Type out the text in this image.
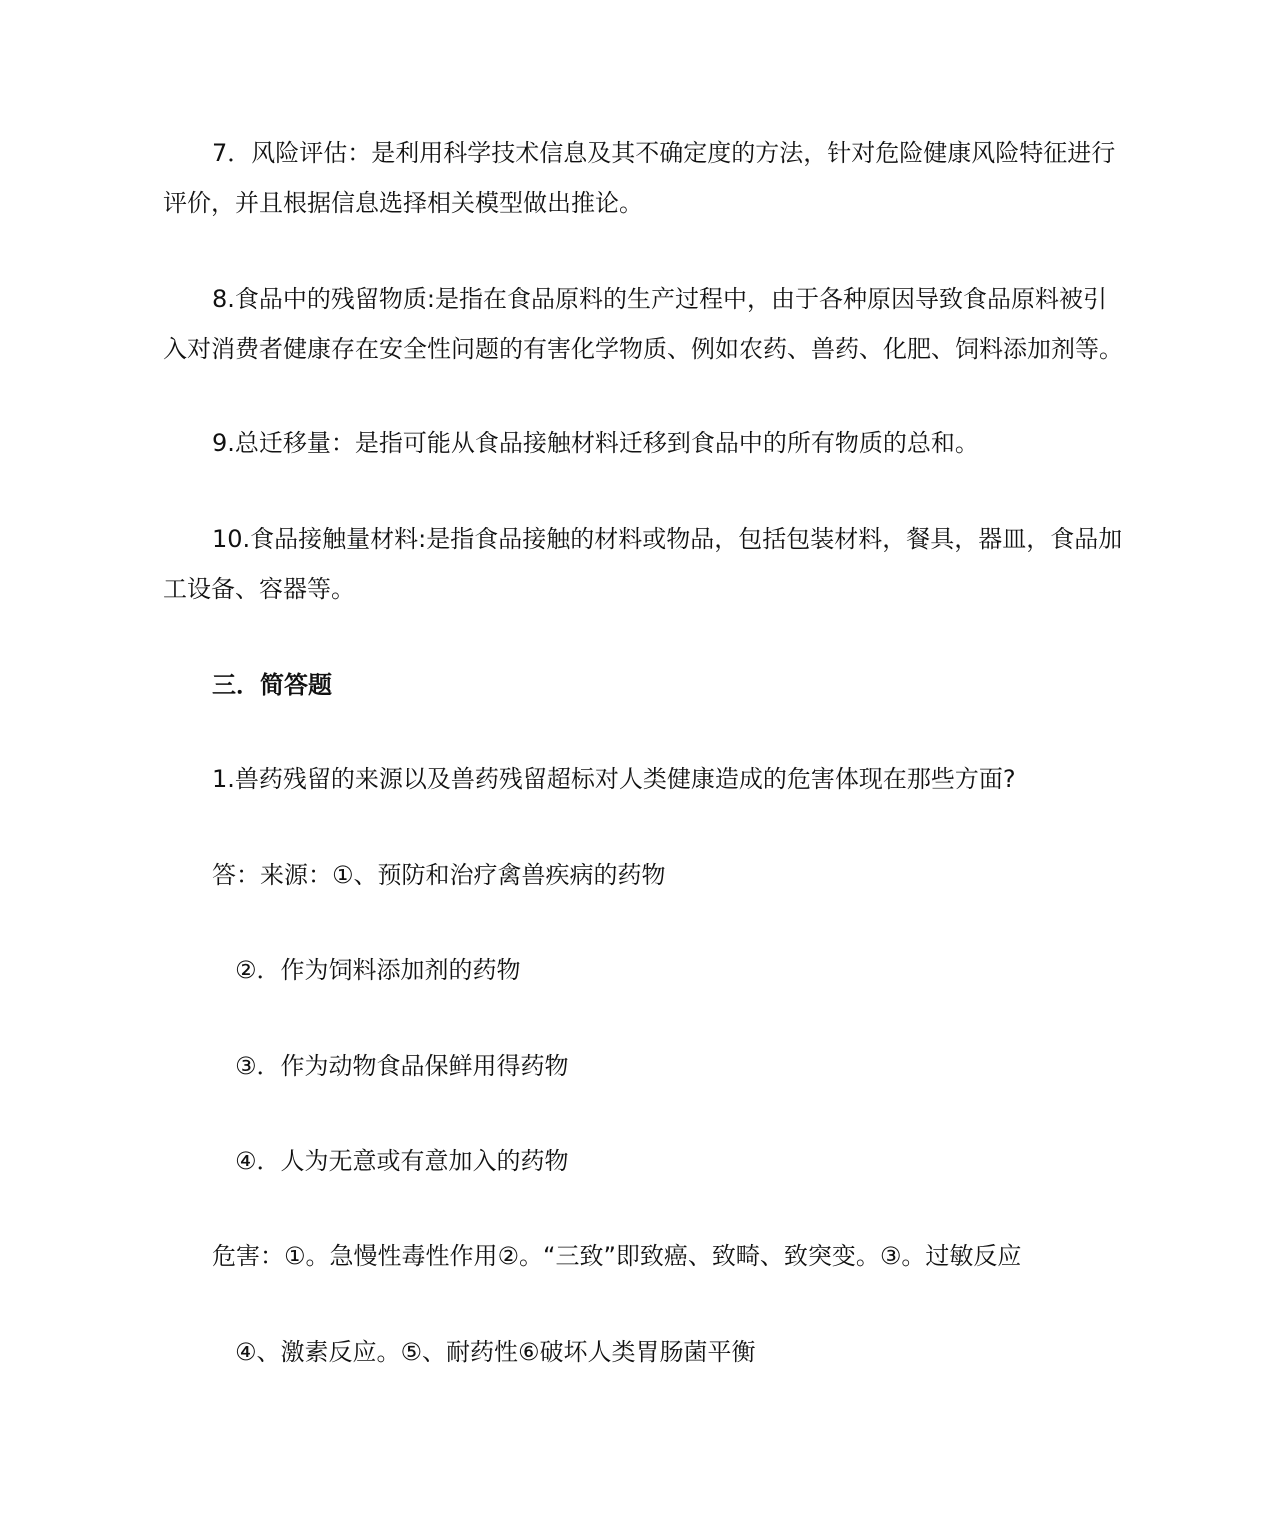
7．风险评估：是利用科学技术信息及其不确定度的方法，针对危险健康风险特征进行
评价，并且根据信息选择相关模型做出推论。
8.食品中的残留物质:是指在食品原料的生产过程中，由于各种原因导致食品原料被引
入对消费者健康存在安全性问题的有害化学物质、例如农药、兽药、化肥、饲料添加剂等。
9.总迁移量：是指可能从食品接触材料迁移到食品中的所有物质的总和。
10.食品接触量材料:是指食品接触的材料或物品，包括包装材料，餐具，器皿，食品加
工设备、容器等。
三．简答题
1.兽药残留的来源以及兽药残留超标对人类健康造成的危害体现在那些方面?
答：来源：①、预防和治疗禽兽疾病的药物
②．作为饲料添加剂的药物
③．作为动物食品保鲜用得药物
④．人为无意或有意加入的药物
危害：①。急慢性毒性作用②。“三致”即致癌、致畸、致突变。③。过敏反应
④、激素反应。⑤、耐药性⑥破坏人类胃肠菌平衡
